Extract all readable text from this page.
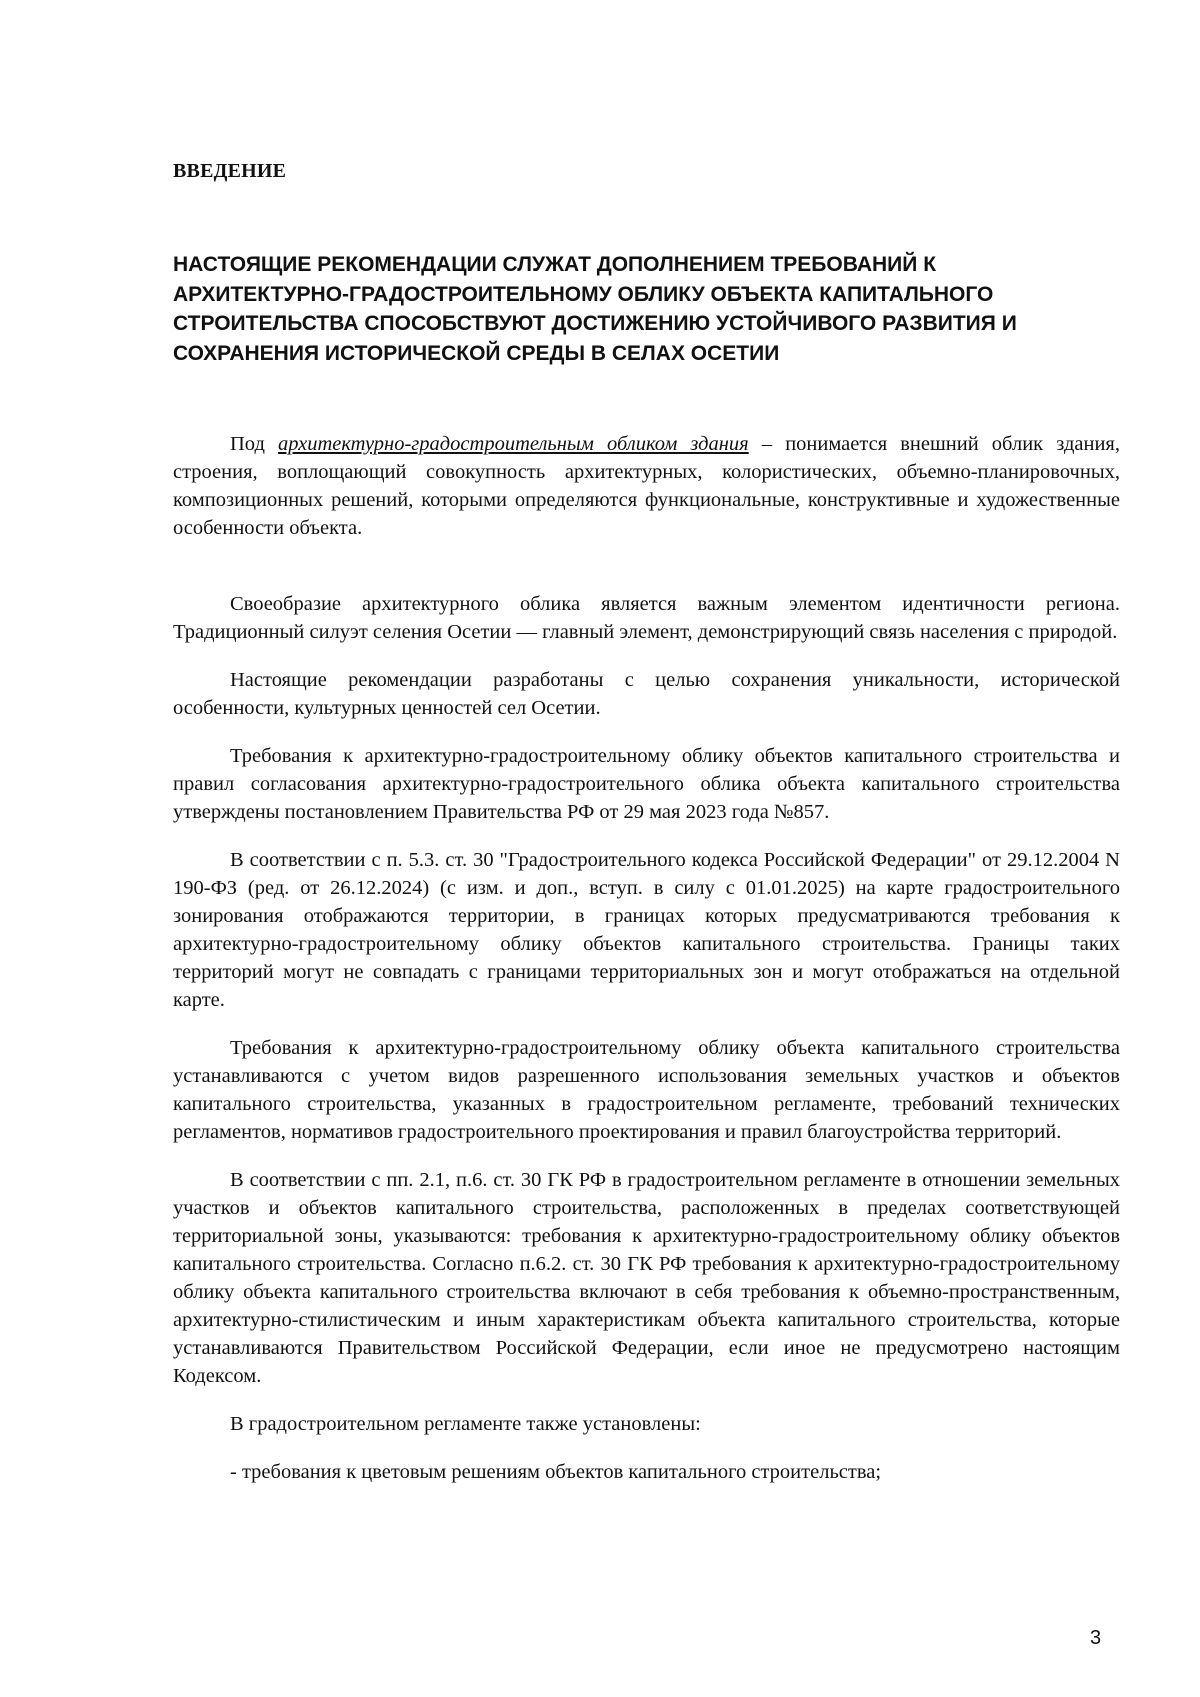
ВВЕДЕНИЕ
НАСТОЯЩИЕ РЕКОМЕНДАЦИИ СЛУЖАТ ДОПОЛНЕНИЕМ ТРЕБОВАНИЙ К
АРХИТЕКТУРНО-ГРАДОСТРОИТЕЛЬНОМУ ОБЛИКУ ОБЪЕКТА КАПИТАЛЬНОГО
СТРОИТЕЛЬСТВА СПОСОБСТВУЮТ ДОСТИЖЕНИЮ УСТОЙЧИВОГО РАЗВИТИЯ И
СОХРАНЕНИЯ ИСТОРИЧЕСКОЙ СРЕДЫ В СЕЛАХ ОСЕТИИ

Под архитектурно-градостроительным обликом здания – понимается внешний облик здания, строения, воплощающий совокупность архитектурных, колористических, объемно-планировочных, композиционных решений, которыми определяются функциональные, конструктивные и художественные особенности объекта.

Своеобразие архитектурного облика является важным элементом идентичности региона. Традиционный силуэт селения Осетии — главный элемент, демонстрирующий связь населения с природой.

Настоящие рекомендации разработаны с целью сохранения уникальности, исторической особенности, культурных ценностей сел Осетии.

Требования к архитектурно-градостроительному облику объектов капитального строительства и правил согласования архитектурно-градостроительного облика объекта капитального строительства утверждены постановлением Правительства РФ от 29 мая 2023 года №857.

В соответствии с п. 5.3. ст. 30 "Градостроительного кодекса Российской Федерации" от 29.12.2004 N 190-ФЗ (ред. от 26.12.2024) (с изм. и доп., вступ. в силу с 01.01.2025) на карте градостроительного зонирования отображаются территории, в границах которых предусматриваются требования к архитектурно-градостроительному облику объектов капитального строительства. Границы таких территорий могут не совпадать с границами территориальных зон и могут отображаться на отдельной карте.

Требования к архитектурно-градостроительному облику объекта капитального строительства устанавливаются с учетом видов разрешенного использования земельных участков и объектов капитального строительства, указанных в градостроительном регламенте, требований технических регламентов, нормативов градостроительного проектирования и правил благоустройства территорий.

В соответствии с пп. 2.1, п.6. ст. 30 ГК РФ в градостроительном регламенте в отношении земельных участков и объектов капитального строительства, расположенных в пределах соответствующей территориальной зоны, указываются: требования к архитектурно-градостроительному облику объектов капитального строительства. Согласно п.6.2. ст. 30 ГК РФ требования к архитектурно-градостроительному облику объекта капитального строительства включают в себя требования к объемно-пространственным, архитектурно-стилистическим и иным характеристикам объекта капитального строительства, которые устанавливаются Правительством Российской Федерации, если иное не предусмотрено настоящим Кодексом.

В градостроительном регламенте также установлены:

- требования к цветовым решениям объектов капитального строительства;

3
